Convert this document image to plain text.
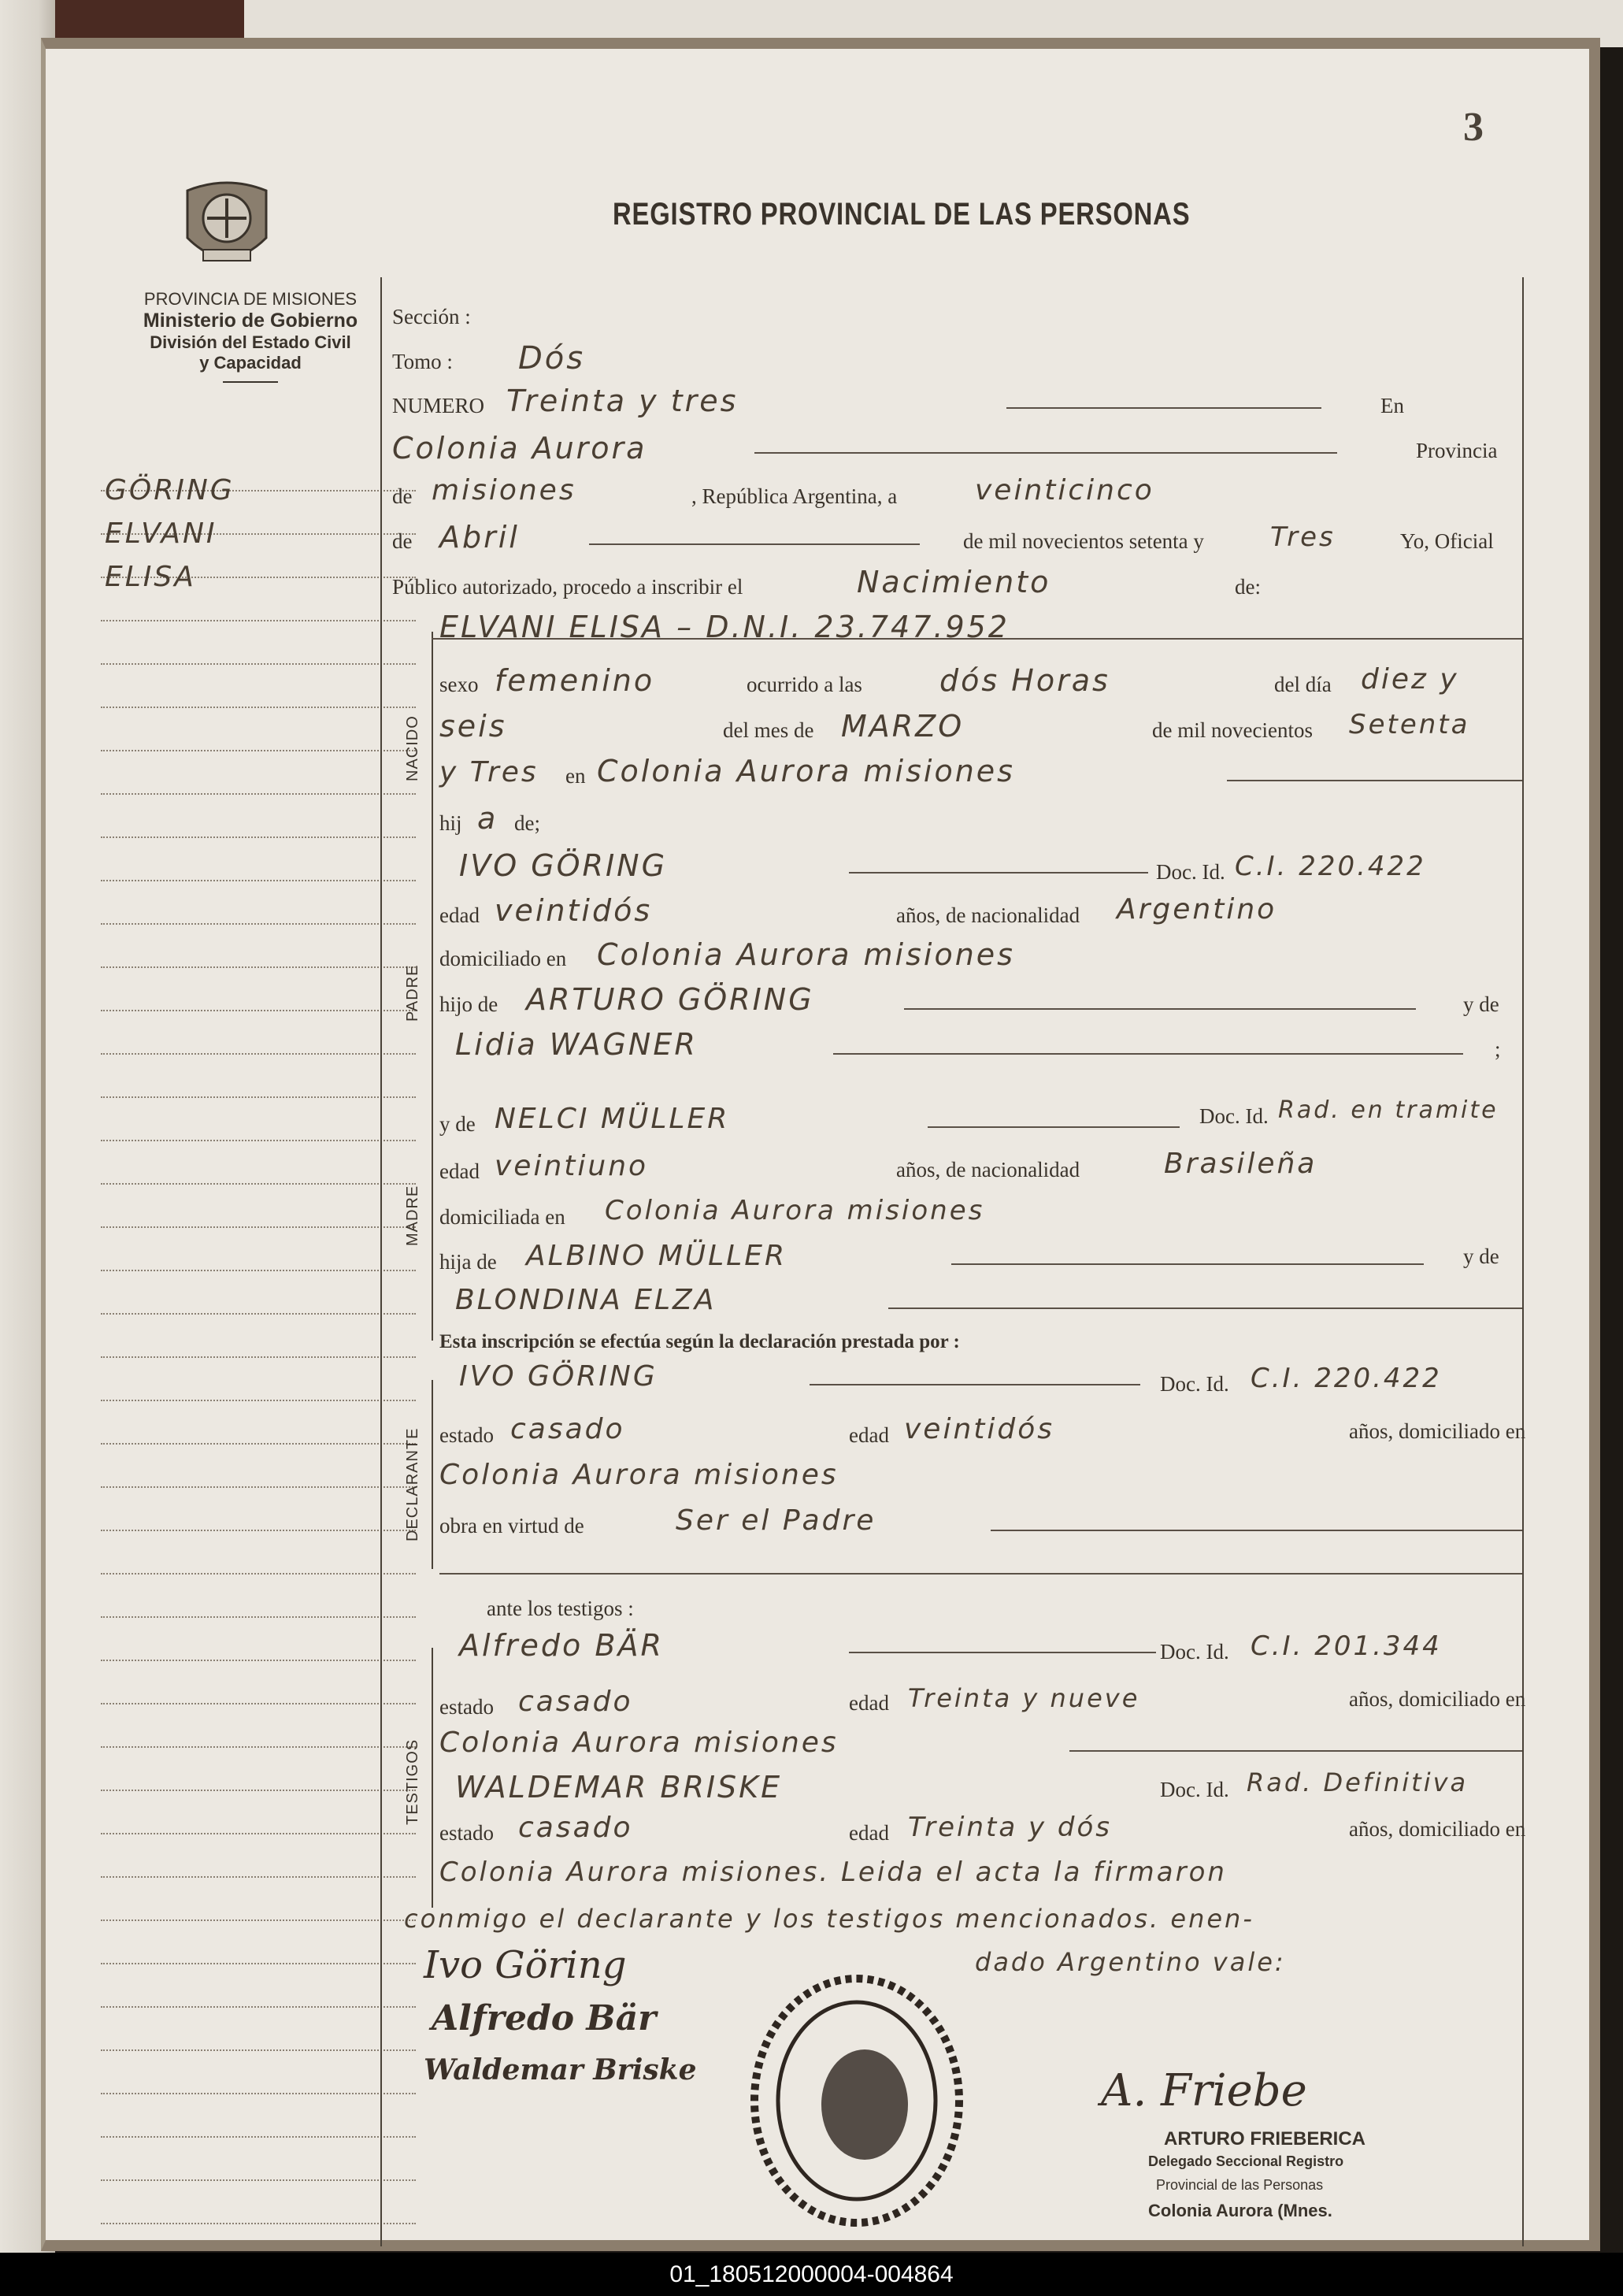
3
PROVINCIA DE MISIONES
Ministerio de Gobierno
División del Estado Civil
y Capacidad
REGISTRO PROVINCIAL DE LAS PERSONAS
GÖRING
ELVANI
ELISA
Sección :
Tomo : Dós
NUMERO Treinta y tres	En
Colonia Aurora	Provincia
de misiones	, República Argentina, a	veinticinco
de Abril	de mil novecientos setenta y Tres	Yo, Oficial
Público autorizado, procedo a inscribir el	Nacimiento	de:
NACIDO
ELVANI ELISA – D.N.I. 23.747.952
sexo femenino	ocurrido a las	dós Horas	del día diez y
seis	del mes de MARZO	de mil novecientos Setenta
y Tres en Colonia Aurora misiones
hij a de;
PADRE
IVO GÖRING	Doc. Id. C.I. 220.422
edad veintidós	años, de nacionalidad Argentino
domiciliado en Colonia Aurora misiones
hijo de ARTURO GÖRING	y de
Lidia WAGNER	;
MADRE
y de NELCI MÜLLER	Doc. Id. Rad. en tramite
edad veintiuno	años, de nacionalidad	Brasileña
domiciliada en Colonia Aurora misiones
hija de ALBINO MÜLLER	y de
BLONDINA ELZA
Esta inscripción se efectúa según la declaración prestada por :
DECLARANTE
IVO GÖRING	Doc. Id. C.I. 220.422
estado casado	edad veintidós	años, domiciliado en
Colonia Aurora misiones
obra en virtud de	Ser el Padre
ante los testigos :
TESTIGOS
Alfredo BÄR	Doc. Id. C.I. 201.344
estado casado	edad Treinta y nueve	años, domiciliado en
Colonia Aurora misiones
WALDEMAR BRISKE	Doc. Id. Rad. Definitiva
estado casado	edad Treinta y dós	años, domiciliado en
Colonia Aurora misiones. Leida el acta la firmaron
conmigo el declarante y los testigos mencionados. enen-
dado Argentino vale:
Ivo Göring
Alfredo Bär
Waldemar Briske	A. Friebe
ARTURO FRIEBERICA
Delegado Seccional Registro
Provincial de las Personas
Colonia Aurora (Mnes.
01_180512000004-004864
